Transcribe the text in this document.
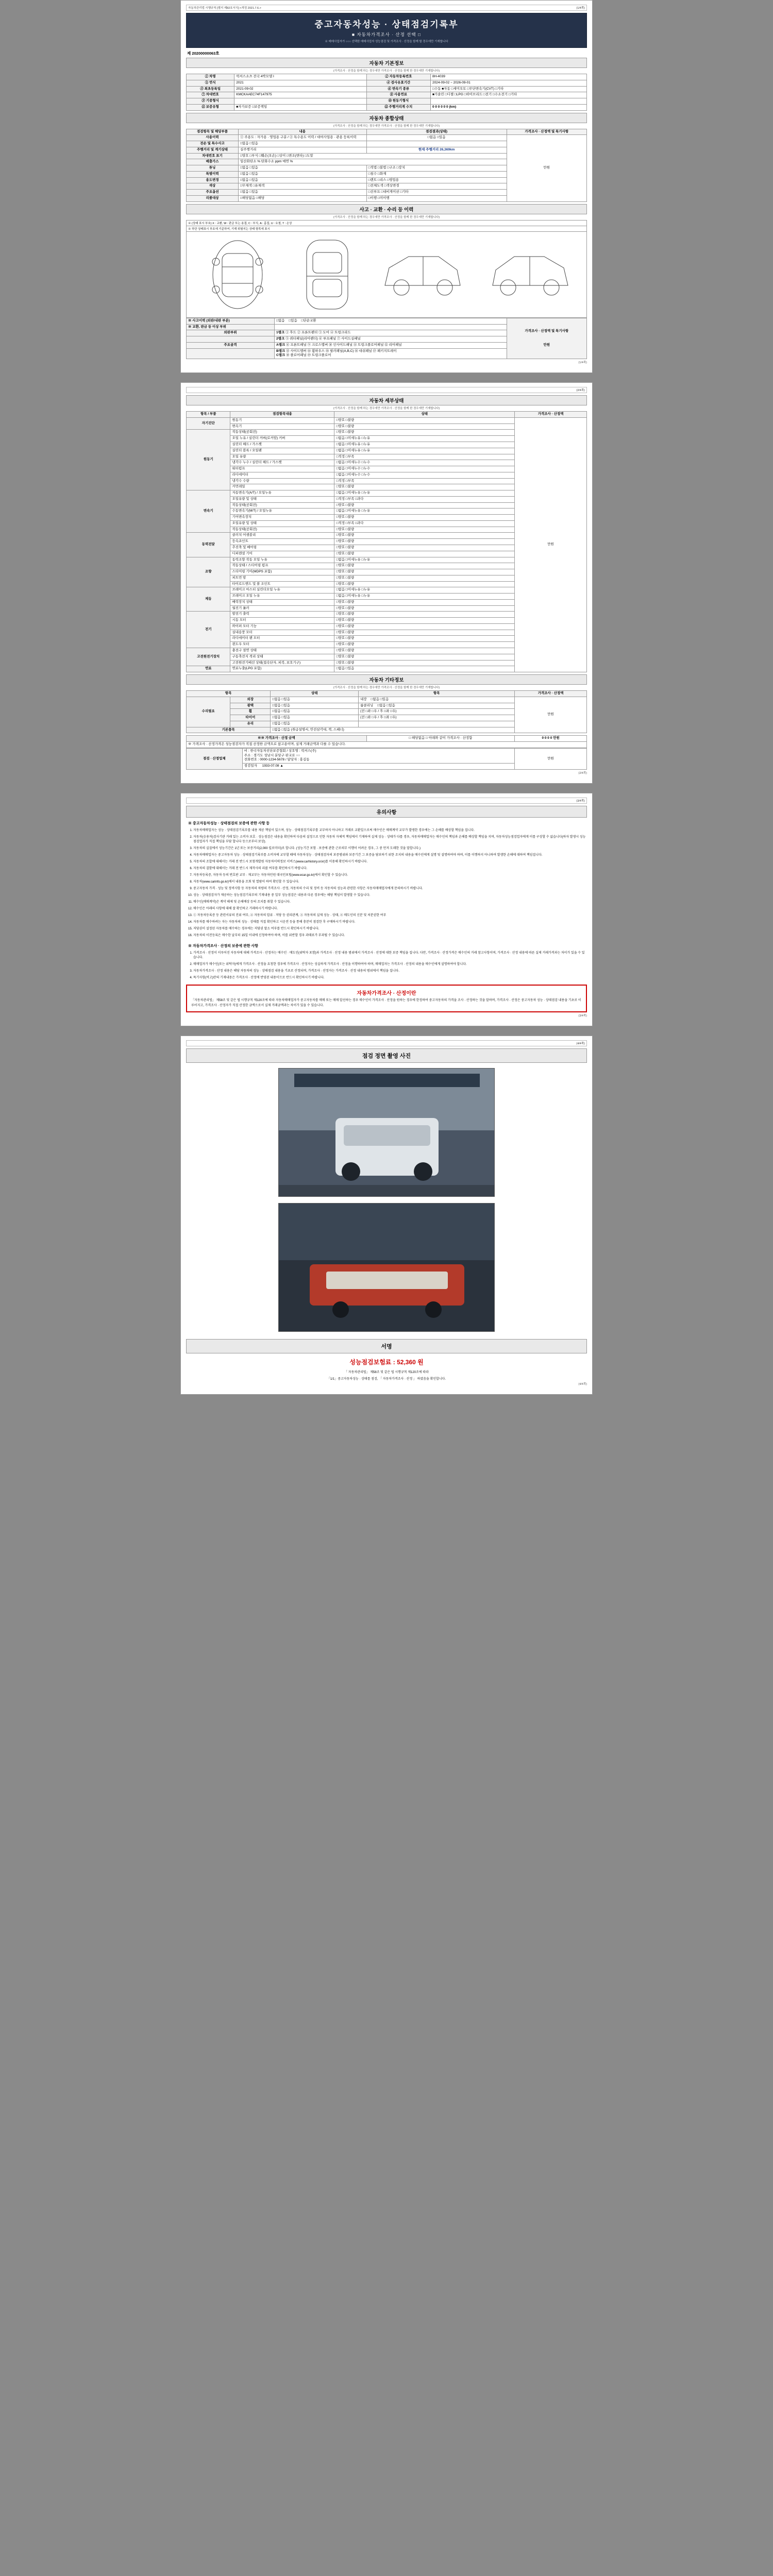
자동차관리법 시행규칙 [별지 제82호서식] <개정 2021.7.6.>	(1/4쪽)
중고자동차성능 · 상태점검기록부
■ 자동차가격조사 · 산정 선택 □
※ 매매사업자가 ○○○ 선택한 매매사업자 성능점검 및 가격조사 · 산정을 함께 할 경우에만 기재합니다
제 20200000063호
자동차 기본정보
(가격조사 · 산정을 함께 하는 경우에만 가격조사 · 산정을 함께 한 경우에만 기재합니다)
① 차명	럭셔스소츠 전국 4박모델 I	② 자동차등록번호	8H-4039
③ 연식	2021	④ 검사유효기간	2024-09-02 ~ 2026-09-01
⑤ 최초등록일	2021-09-02	⑥ 변속기 종류	□수동 ■자동 □세미오토 □무단변속기(CVT) □기타
⑦ 차대번호	KMCKAAEC74F147975	⑧ 사용연료	■가솔린 □디젤 □LPG □하이브리드 □전기 □수소전기 □기타
⑨ 기종형식		⑩ 원동기형식	
⑪ 보증유형	■자가보증 □보증책임	⑫ 주행거리계 수치	0 0 0 0 0 0 (km)
자동차 종합상태
(가격조사 · 산정을 함께 하는 경우에만 가격조사 · 산정을 함께 한 경우에만 기재합니다)
점검항목 및 해당부품	내용	점검결과(상태)	가격조사 · 산정액 및 특기사항
사용이력	① 주용도 : 자가용 · 영업용 구분 / ② 특수용도 이력 / 대여사업용 · 관용 등록이력	□없음 □있음	만원
전손 및 특수사고	□없음 □있음		
주행거리 및 계기상태	실주행거리	현재 주행거리 26,369km	
차대번호 표기	□양호 □부식 □훼손(오손) □상이 □변조(변타) □도말		
배출가스	일산화탄소 % 탄화수소 ppm 매연 %		
튜닝	□없음 □있음	□적법 □불법 □구조 □장치	
특별이력	□없음 □있음	□침수 □화재	
용도변경	□없음 □있음	□렌트 □리스 □영업용	
색상	□무채색 □유채색	□전체도색 □색상변경	
주요옵션	□없음 □있음	□선루프 □내비게이션 □기타	
리콜대상	□해당없음 □해당	□이행 □미이행	
사고 · 교환 · 수리 등 이력
(가격조사 · 산정을 함께 하는 경우에만 가격조사 · 산정을 함께 한 경우에만 기재합니다)
※ (상태 표시 부호) X : 교환, W : 판금 또는 용접, C : 부식, A : 흠집, U : 요철, T : 손상
※ 하단 상태표시 부호에 기준하여, 기재 위험지는 상태 항목에 표시
※ 사고이력 (외판/내판 부분)	□없음 □있음 □단순교환	가격조사 · 산정액 및 특기사항
만원

※ 교환, 판금 등 이상 부위		
외판부위	1랭크 ① 후드 ② 프론트펜더 ③ 도어 ④ 트렁크리드	
	2랭크 ⑤ 쿼터패널(리어펜더) ⑥ 루프패널 ⑦ 사이드실패널	
주요골격	A랭크 ⑧ 프론트패널 ⑨ 크로스멤버 ⑩ 인사이드패널 ⑪ 트렁크플로어패널 ⑫ 리어패널	
	B랭크 ⑬ 사이드멤버 ⑭ 휠하우스 ⑮ 필러패널(A,B,C) ⑯ 대쉬패널 ⑰ 패키지트레이
C랭크 ⑱ 플로어패널 ⑲ 트렁크플로어	
(1/4쪽)
(2/4쪽)
자동차 세부상태
(가격조사 · 산정을 함께 하는 경우에만 가격조사 · 산정을 함께 한 경우에만 기재합니다)
항목 / 부품	점검항목내용	상태	가격조사 · 산정액
자기진단	원동기	□양호 □불량	만원
	변속기	□양호 □불량	
원동기	작동상태(공회전)	□양호 □불량	
	오일 누유 / 실린더 커버(로커암) 커버	□없음 □미세누유 □누유	
	실린더 헤드 / 가스켓	□없음 □미세누유 □누유	
	실린더 블록 / 오일팬	□없음 □미세누유 □누유	
	오일 유량	□적정 □부족	
	냉각수 누수 / 실린더 헤드 / 가스켓	□없음 □미세누수 □누수	
	워터펌프	□없음 □미세누수 □누수	
	라디에이터	□없음 □미세누수 □누수	
	냉각수 수량	□적정 □부족	
	커먼레일	□양호 □불량	
변속기	자동변속기(A/T) / 오일누유	□없음 □미세누유 □누유	
	오일유량 및 상태	□적정 □부족 □과다	
	작동상태(공회전)	□양호 □불량	
	수동변속기(M/T) / 오일누유	□없음 □미세누유 □누유	
	기어변속장치	□양호 □불량	
	오일유량 및 상태	□적정 □부족 □과다	
	작동상태(공회전)	□양호 □불량	
동력전달	클러치 어셈블리	□양호 □불량	
	등속죠인트	□양호 □불량	
	추진축 및 베어링	□양호 □불량	
	디퍼렌셜 기어	□양호 □불량	
조향	동력조향 작동 오일 누유	□없음 □미세누유 □누유	
	작동상태 / 스티어링 펌프	□양호 □불량	
	스티어링 기어(MDPS 포함)	□양호 □불량	
	피트먼 암	□양호 □불량	
	타이로드엔드 및 볼 조인트	□양호 □불량	
제동	브레이크 마스터 실린더오일 누유	□없음 □미세누유 □누유	
	브레이크 오일 누유	□없음 □미세누유 □누유	
	배력장치 상태	□양호 □불량	
	월진기 롤러	□양호 □불량	
전기	발전기 출력	□양호 □불량	
	시동 모터	□양호 □불량	
	와이퍼 모터 기능	□양호 □불량	
	실내송풍 모터	□양호 □불량	
	라디에이터 팬 모터	□양호 □불량	
	윈도우 모터	□양호 □불량	
고전원전기장치	충전구 절연 상태	□양호 □불량	
	구동축전지 격리 상태	□양호 □불량	
	고전원전기배선 상태(접속단자, 피복, 보호기구)	□양호 □불량	
연료	연료누출(LPG 포함)	□없음 □있음	
자동차 기타정보
(가격조사 · 산정을 함께 하는 경우에만 가격조사 · 산정을 함께 한 경우에만 기재합니다)
항목		상태	항목	가격조사 · 산정액
수리필요	외장	□없음 □있음	내장 □없음 □있음	만원
	광택	□없음 □있음	룸클리닝 □없음 □있음	
	휠	□없음 □있음	(전 □좌 □우 / 후 □좌 □우)	
	타이어	□없음 □있음	(전 □좌 □우 / 후 □좌 □우)	
	유리	□없음 □있음		
기본품목		□없음 □있음 (취급설명서, 안전삼각대, 잭, 스패너)		
※※ 가격조사 · 산정 금액	□ 해당없음 □ 아래와 같이 가격조사 · 산정함	0 0 0 0 만원
※ 가격조사 · 산정가격은 성능점검자가 직접 산정한 금액으로 참고용이며, 실제 거래금액과 다를 수 있습니다.
점검 · 산정업체	
비 : 한국자동차진단보증협회 / 상호명 : 럭셔스(주)
주소 : 경기도 성남시 분당구 판교로 ○○
전화번호 : 0000-1234-5678 / 담당자 : 홍길동	만원
점검일자 1933-07.08 ▲
(2/4쪽)
(3/4쪽)
유의사항
※ 중고자동차성능 · 상태점검의 보증에 관한 사항 등
1. 자동차매매업자는 성능 · 상태점검기록부를 내용 제공 책임이 있으며, 성능 · 상태점검기록부를 교부하지 아니하고 거래로 교환일으로써 매수인은 매매계약 교부가 발생한 경우에는 그 손해를 배상할 책임을 집니다.
2. 자동차(승용차)검사기관 거래 있는 소비자 보호 · 성능점검은 내용을 확인하여 다음의 설정으로 인한 자동차 자체적 책임에서 기재하여 실제 성능 · 상태가 다를 경우, 자동차매매업자는 매수인의 책임과 손해를 배상할 책임을 지며, 자동차성능점검업자에게 이를 구상할 수 없습니다(하자 발생시 성능점검업자가 직접 책임을 부담 합니다 등으로부터 보상).
3. 자동차의 실질에서 성능기간은 1년 또는 보증거리(2,000 킬로미터)로 합니다. (성능기간 보험 · 보증에 관한 근로의무 이행이 어려운 경우, 그 중 먼저 도래한 것을 말합니다.)
4. 자동차매매업자는 중고자동차 성능 · 상태점검기록부를 소비자에 교부할 때에 자동차성능 · 상태점검자의 보증범위와 보증기간 그 보증을 담보하기 위한 조치의 내용을 매수인에게 설명 및 설명하여야 하며, 이를 이행하지 아니하여 발생한 손해에 대하여 책임집니다.
5. 자동차의 조합에 대해서는 거래 전 반드시 보험개발원 자동차이력정보 서비스(www.carhistory.or.kr)를 이용해 확인하시기 바랍니다.
6. 자동차의 결함에 대해서는 거래 전 반드시 제작사의 리콜 여부를 확인하시기 바랍니다.
7. 자동차등록증, 자동차 등의 번호판 교부 · 재교부는 자동차민원 대국민포털(www.ecar.go.kr)에서 확인할 수 있습니다.
8. 자동차(www.carinfo.go.kr)에서 내용을 조회 및 열람이 하여 확인할 수 있습니다.
9. 중고자동차 가격 · 성능 및 정비사항 등 자동차의 차량의 가격조사 · 산정, 자동차의 수리 및 정비 등 자동차의 성능과 관련한 사항은 자동차매매업자에게 문의하시기 바랍니다.
10. 성능 · 상태점검자가 제공하는 성능점검기록부의 기재내용 중 일부 성능점검은 내용과 다른 경우에는 해당 책임이 발생할 수 있습니다.
11. 매수인(매매계약)은 계약 해제 및 손해배상 등의 조치를 취할 수 있습니다.
12. 매수인은 아래의 사항에 대해 잘 확인하고 거래하시기 바랍니다.
13. ① 자동차등록증 등 관련서류의 진위 여부, ② 자동차의 압류 · 저당 등 권리관계, ③ 자동차의 실제 성능 · 상태, ④ 매도인의 신분 및 처분권한 여부
14. 자동차를 매수하려는 자는 자동차의 성능 · 상태를 직접 확인하고 시운전 등을 통해 충분히 점검한 후 구매하시기 바랍니다.
15. 저당권이 설정된 자동차를 매수하는 경우에는 저당권 말소 여부를 반드시 확인하시기 바랍니다.
16. 자동차의 이전등록은 매수한 날부터 15일 이내에 신청하여야 하며, 이를 위반할 경우 과태료가 부과될 수 있습니다.
※ 자동차가격조사 · 산정의 보증에 관한 사항
1. 가격조사 · 산정이 이루어진 자동차에 대해 가격조사 · 산정자는 매수인 · 매도인(위탁자 포함)과 가격조사 · 산정 내용 범위에서 가격조사 · 산정에 대한 보증 책임을 집니다. 다만, 가격조사 · 산정가격은 매수인의 거래 참고사항이며, 가격조사 · 산정 내용에 따른 실제 거래가격과는 차이가 있을 수 있습니다.
2. 매매업자가 매수인(또는 위탁자)에게 가격조사 · 산정을 요청한 경우에 가격조사 · 산정자는 성실하게 가격조사 · 산정을 이행하여야 하며, 매매업자는 가격조사 · 산정의 내용을 매수인에게 설명하여야 합니다.
3. 자동차가격조사 · 산정 내용은 해당 자동차의 성능 · 상태점검 내용을 기초로 산정되며, 가격조사 · 산정자는 가격조사 · 산정 내용의 범위에서 책임을 집니다.
4. 특기사항(비고)란의 기재내용은 가격조사 · 산정에 반영된 내용이므로 반드시 확인하시기 바랍니다.
자동차가격조사 · 산정이란

「자동차관리법」 제58조 및 같은 법 시행규칙 제120조에 따라 자동차매매업자가 중고자동차를 매매 또는 매매 알선하는 경우 매수인이 가격조사 · 산정을 원하는 경우에 한정하여 중고자동차의 가격을 조사 · 산정하는 것을 말하며, 가격조사 · 산정은 중고자동차 성능 · 상태점검 내용을 기초로 이루어지고, 가격조사 · 산정자가 직접 산정한 금액으로서 실제 거래금액과는 차이가 있을 수 있습니다.

(3/4쪽)
(4/4쪽)
점검 정면 촬영 사진
서명
성능점검보험료 : 52,360 원
「 자동차관리법」 제58조 및 같은 법 시행규칙 제120조에 따라
「1/1」중고자동차성능 · 상태를 점검, 「 자동차가격조사 · 산정 」 하였음을 확인합니다.
(4/4쪽)
